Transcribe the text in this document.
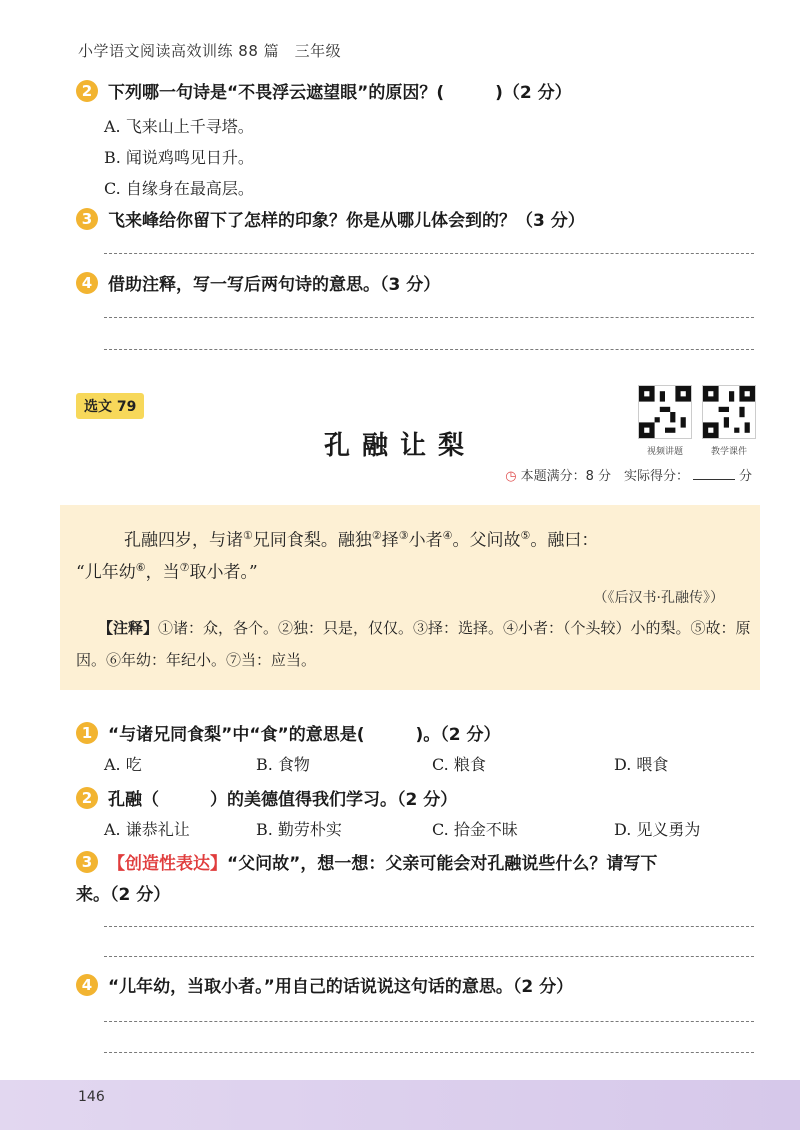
小学语文阅读高效训练 88 篇　三年级
2 下列哪一句诗是“不畏浮云遮望眼”的原因？(　　　)（2 分）
A. 飞来山上千寻塔。
B. 闻说鸡鸣见日升。
C. 自缘身在最高层。
3 飞来峰给你留下了怎样的印象？你是从哪儿体会到的？（3 分）
4 借助注释，写一写后两句诗的意思。（3 分）
选文 79
视频讲题	教学课件
孔融让梨
◷ 本题满分：8 分　实际得分：	分
孔融四岁，与诸①兄同食梨。融独②择③小者④。父问故⑤。融曰：
“儿年幼⑥，当⑦取小者。”
（《后汉书·孔融传》）
【注释】①诸：众，各个。②独：只是，仅仅。③择：选择。④小者：（个头较）小的梨。⑤故：原因。⑥年幼：年纪小。⑦当：应当。
1 “与诸兄同食梨”中“食”的意思是(　　　)。（2 分）
A. 吃	B. 食物	C. 粮食	D. 喂食
2 孔融（　　　）的美德值得我们学习。（2 分）
A. 谦恭礼让	B. 勤劳朴实	C. 拾金不昧	D. 见义勇为
3 【创造性表达】“父问故”，想一想：父亲可能会对孔融说些什么？请写下
来。（2 分）
4 “儿年幼，当取小者。”用自己的话说说这句话的意思。（2 分）
146
